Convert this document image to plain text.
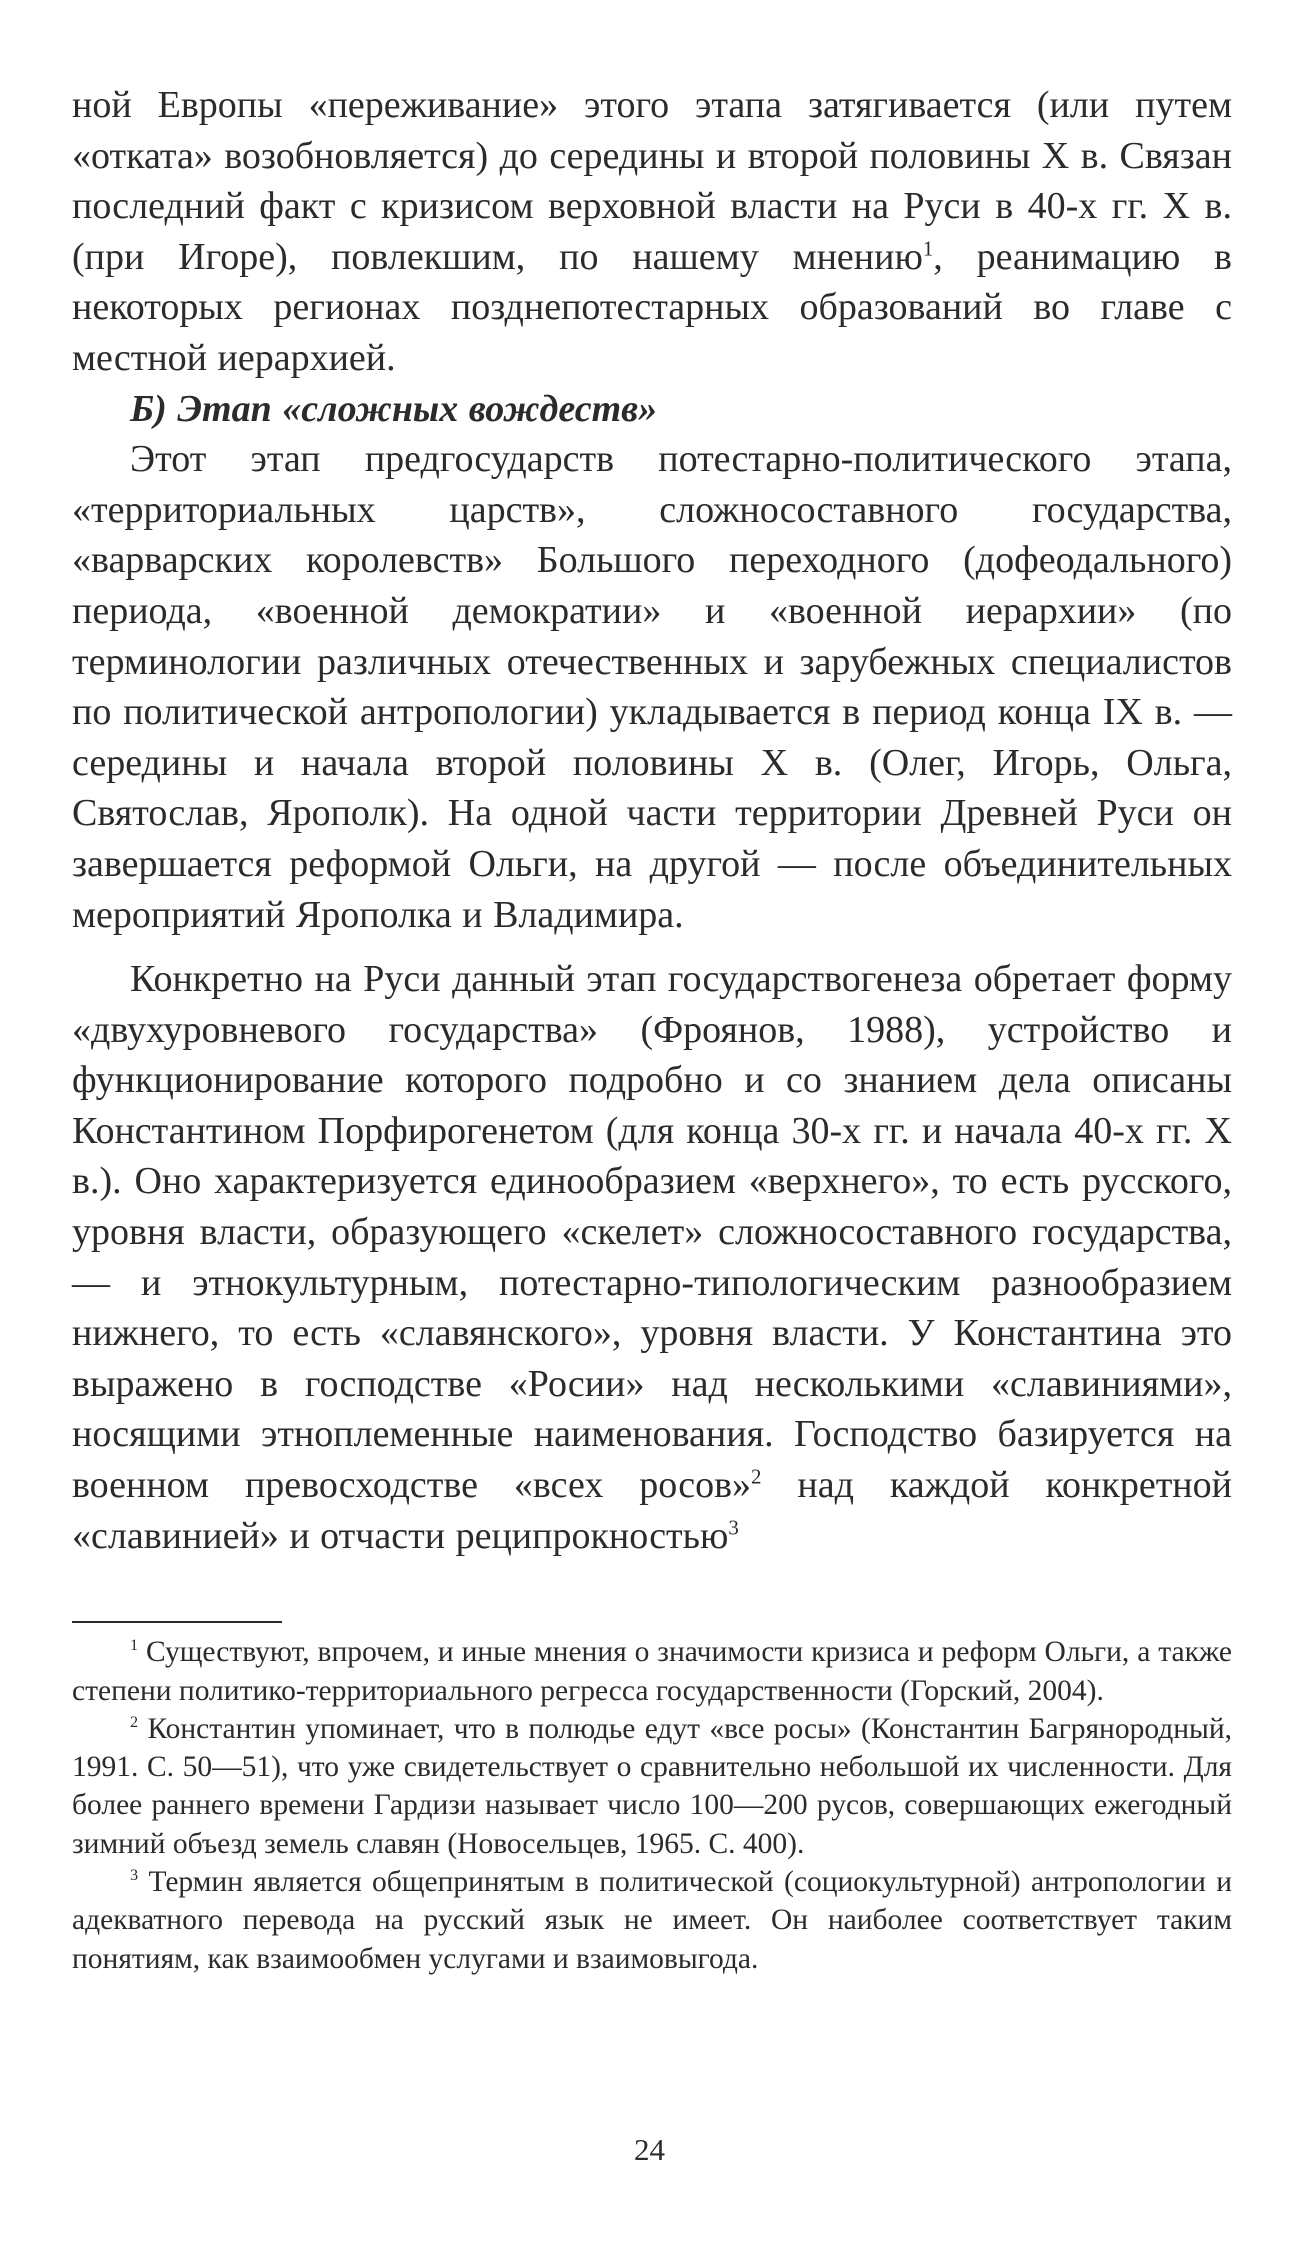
ной Европы «переживание» этого этапа затягивается (или путем «отката» возобновляется) до середины и второй половины Х в. Связан последний факт с кризисом верховной власти на Руси в 40-х гг. Х в. (при Игоре), повлекшим, по нашему мнению$^1$, реанимацию в некоторых регионах позднепотестарных образований во главе с местной иерархией.

Б) Этап «сложных вождеств»

Этот этап предгосударств потестарно-политического этапа, «территориальных царств», сложносоставного государства, «варварских королевств» Большого переходного (дофеодального) периода, «военной демократии» и «военной иерархии» (по терминологии различных отечественных и зарубежных специалистов по политической антропологии) укладывается в период конца IX в. — середины и начала второй половины Х в. (Олег, Игорь, Ольга, Святослав, Ярополк). На одной части территории Древней Руси он завершается реформой Ольги, на другой — после объединительных мероприятий Ярополка и Владимира.

Конкретно на Руси данный этап государствогенеза обретает форму «двухуровневого государства» (Фроянов, 1988), устройство и функционирование которого подробно и со знанием дела описаны Константином Порфирогенетом (для конца 30-х гг. и начала 40-х гг. Х в.). Оно характеризуется единообразием «верхнего», то есть русского, уровня власти, образующего «скелет» сложносоставного государства, — и этнокультурным, потестарно-типологическим разнообразием нижнего, то есть «славянского», уровня власти. У Константина это выражено в господстве «Росии» над несколькими «славиниями», носящими этноплеменные наименования. Господство базируется на военном превосходстве «всех росов»$^2$ над каждой конкретной «славинией» и отчасти реципрокностью$^3$

$^1$ Существуют, впрочем, и иные мнения о значимости кризиса и реформ Ольги, а также степени политико-территориального регресса государственности (Горский, 2004).

$^2$ Константин упоминает, что в полюдье едут «все росы» (Константин Багрянородный, 1991. С. 50—51), что уже свидетельствует о сравнительно небольшой их численности. Для более раннего времени Гардизи называет число 100—200 русов, совершающих ежегодный зимний объезд земель славян (Новосельцев, 1965. С. 400).

$^3$ Термин является общепринятым в политической (социокультурной) антропологии и адекватного перевода на русский язык не имеет. Он наиболее соответствует таким понятиям, как взаимообмен услугами и взаимовыгода.

24
